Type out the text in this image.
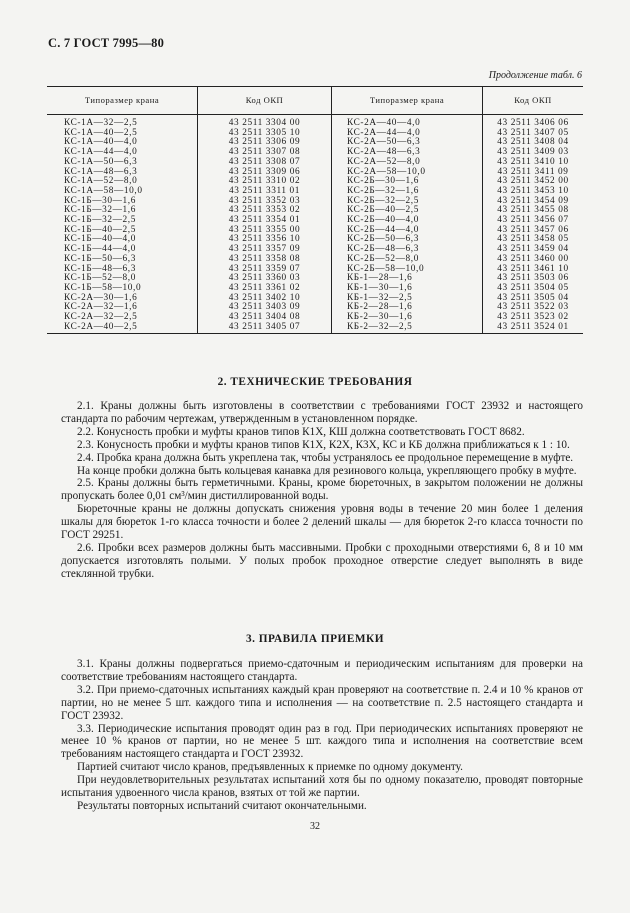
С. 7 ГОСТ 7995—80
Продолжение табл. 6
Типоразмер крана	Код ОКП	Типоразмер крана	Код ОКП
КС-1А—32—2,5	43 2511 3304 00	КС-2А—40—4,0	43 2511 3406 06
КС-1А—40—2,5	43 2511 3305 10	КС-2А—44—4,0	43 2511 3407 05
КС-1А—40—4,0	43 2511 3306 09	КС-2А—50—6,3	43 2511 3408 04
КС-1А—44—4,0	43 2511 3307 08	КС-2А—48—6,3	43 2511 3409 03
КС-1А—50—6,3	43 2511 3308 07	КС-2А—52—8,0	43 2511 3410 10
КС-1А—48—6,3	43 2511 3309 06	КС-2А—58—10,0	43 2511 3411 09
КС-1А—52—8,0	43 2511 3310 02	КС-2Б—30—1,6	43 2511 3452 00
КС-1А—58—10,0	43 2511 3311 01	КС-2Б—32—1,6	43 2511 3453 10
КС-1Б—30—1,6	43 2511 3352 03	КС-2Б—32—2,5	43 2511 3454 09
КС-1Б—32—1,6	43 2511 3353 02	КС-2Б—40—2,5	43 2511 3455 08
КС-1Б—32—2,5	43 2511 3354 01	КС-2Б—40—4,0	43 2511 3456 07
КС-1Б—40—2,5	43 2511 3355 00	КС-2Б—44—4,0	43 2511 3457 06
КС-1Б—40—4,0	43 2511 3356 10	КС-2Б—50—6,3	43 2511 3458 05
КС-1Б—44—4,0	43 2511 3357 09	КС-2Б—48—6,3	43 2511 3459 04
КС-1Б—50—6,3	43 2511 3358 08	КС-2Б—52—8,0	43 2511 3460 00
КС-1Б—48—6,3	43 2511 3359 07	КС-2Б—58—10,0	43 2511 3461 10
КС-1Б—52—8,0	43 2511 3360 03	КБ-1—28—1,6	43 2511 3503 06
КС-1Б—58—10,0	43 2511 3361 02	КБ-1—30—1,6	43 2511 3504 05
КС-2А—30—1,6	43 2511 3402 10	КБ-1—32—2,5	43 2511 3505 04
КС-2А—32—1,6	43 2511 3403 09	КБ-2—28—1,6	43 2511 3522 03
КС-2А—32—2,5	43 2511 3404 08	КБ-2—30—1,6	43 2511 3523 02
КС-2А—40—2,5	43 2511 3405 07	КБ-2—32—2,5	43 2511 3524 01
2. ТЕХНИЧЕСКИЕ ТРЕБОВАНИЯ

2.1. Краны должны быть изготовлены в соответствии с требованиями ГОСТ 23932 и настоящего стандарта по рабочим чертежам, утвержденным в установленном порядке.

2.2. Конусность пробки и муфты кранов типов К1Х, КШ должна соответствовать ГОСТ 8682.

2.3. Конусность пробки и муфты кранов типов К1Х, К2Х, К3Х, КС и КБ должна приближаться к 1 : 10.

2.4. Пробка крана должна быть укреплена так, чтобы устранялось ее продольное перемещение в муфте.

На конце пробки должна быть кольцевая канавка для резинового кольца, укрепляющего пробку в муфте.

2.5. Краны должны быть герметичными. Краны, кроме бюреточных, в закрытом положении не должны пропускать более 0,01 см³/мин дистиллированной воды.

Бюреточные краны не должны допускать снижения уровня воды в течение 20 мин более 1 деления шкалы для бюреток 1-го класса точности и более 2 делений шкалы — для бюреток 2-го класса точности по ГОСТ 29251.

2.6. Пробки всех размеров должны быть массивными. Пробки с проходными отверстиями 6, 8 и 10 мм допускается изготовлять полыми. У полых пробок проходное отверстие следует выполнять в виде стеклянной трубки.

3. ПРАВИЛА ПРИЕМКИ

3.1. Краны должны подвергаться приемо-сдаточным и периодическим испытаниям для проверки на соответствие требованиям настоящего стандарта.

3.2. При приемо-сдаточных испытаниях каждый кран проверяют на соответствие п. 2.4 и 10 % кранов от партии, но не менее 5 шт. каждого типа и исполнения — на соответствие п. 2.5 настоящего стандарта и ГОСТ 23932.

3.3. Периодические испытания проводят один раз в год. При периодических испытаниях проверяют не менее 10 % кранов от партии, но не менее 5 шт. каждого типа и исполнения на соответствие всем требованиям настоящего стандарта и ГОСТ 23932.

Партией считают число кранов, предъявленных к приемке по одному документу.

При неудовлетворительных результатах испытаний хотя бы по одному показателю, проводят повторные испытания удвоенного числа кранов, взятых от той же партии.

Результаты повторных испытаний считают окончательными.

32
